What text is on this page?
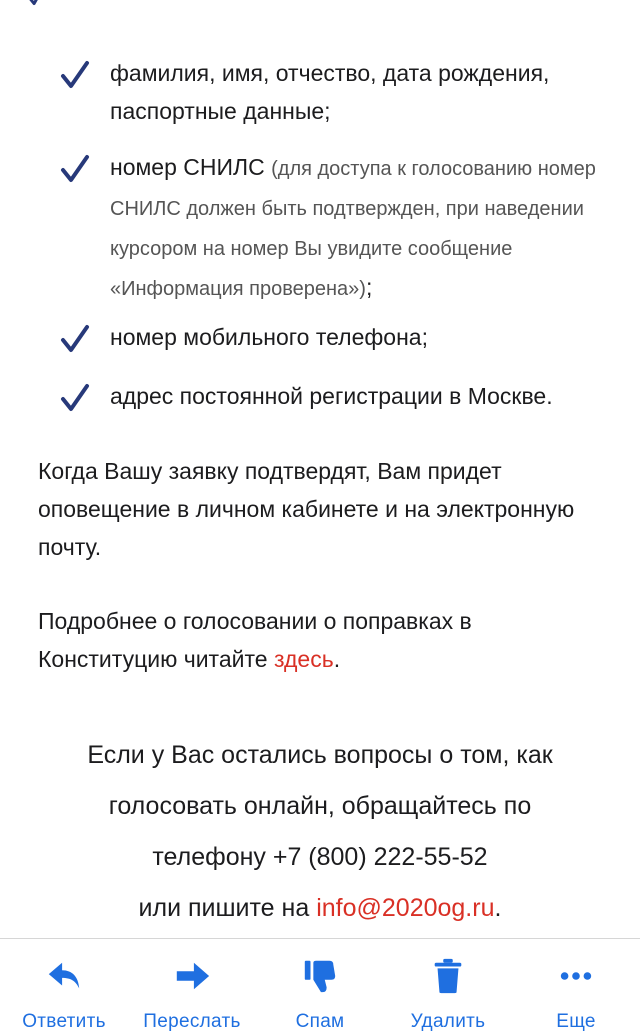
фамилия, имя, отчество, дата рождения, паспортные данные;
номер СНИЛС (для доступа к голосованию номер СНИЛС должен быть подтвержден, при наведении курсором на номер Вы увидите сообщение «Информация проверена»);
номер мобильного телефона;
адрес постоянной регистрации в Москве.
Когда Вашу заявку подтвердят, Вам придет оповещение в личном кабинете и на электронную почту.
Подробнее о голосовании о поправках в Конституцию читайте здесь.
Если у Вас остались вопросы о том, как
голосовать онлайн, обращайтесь по
телефону +7 (800) 222-55-52
или пишите на info@2020og.ru.
Ответить Переслать	Спам	Удалить	Еще
